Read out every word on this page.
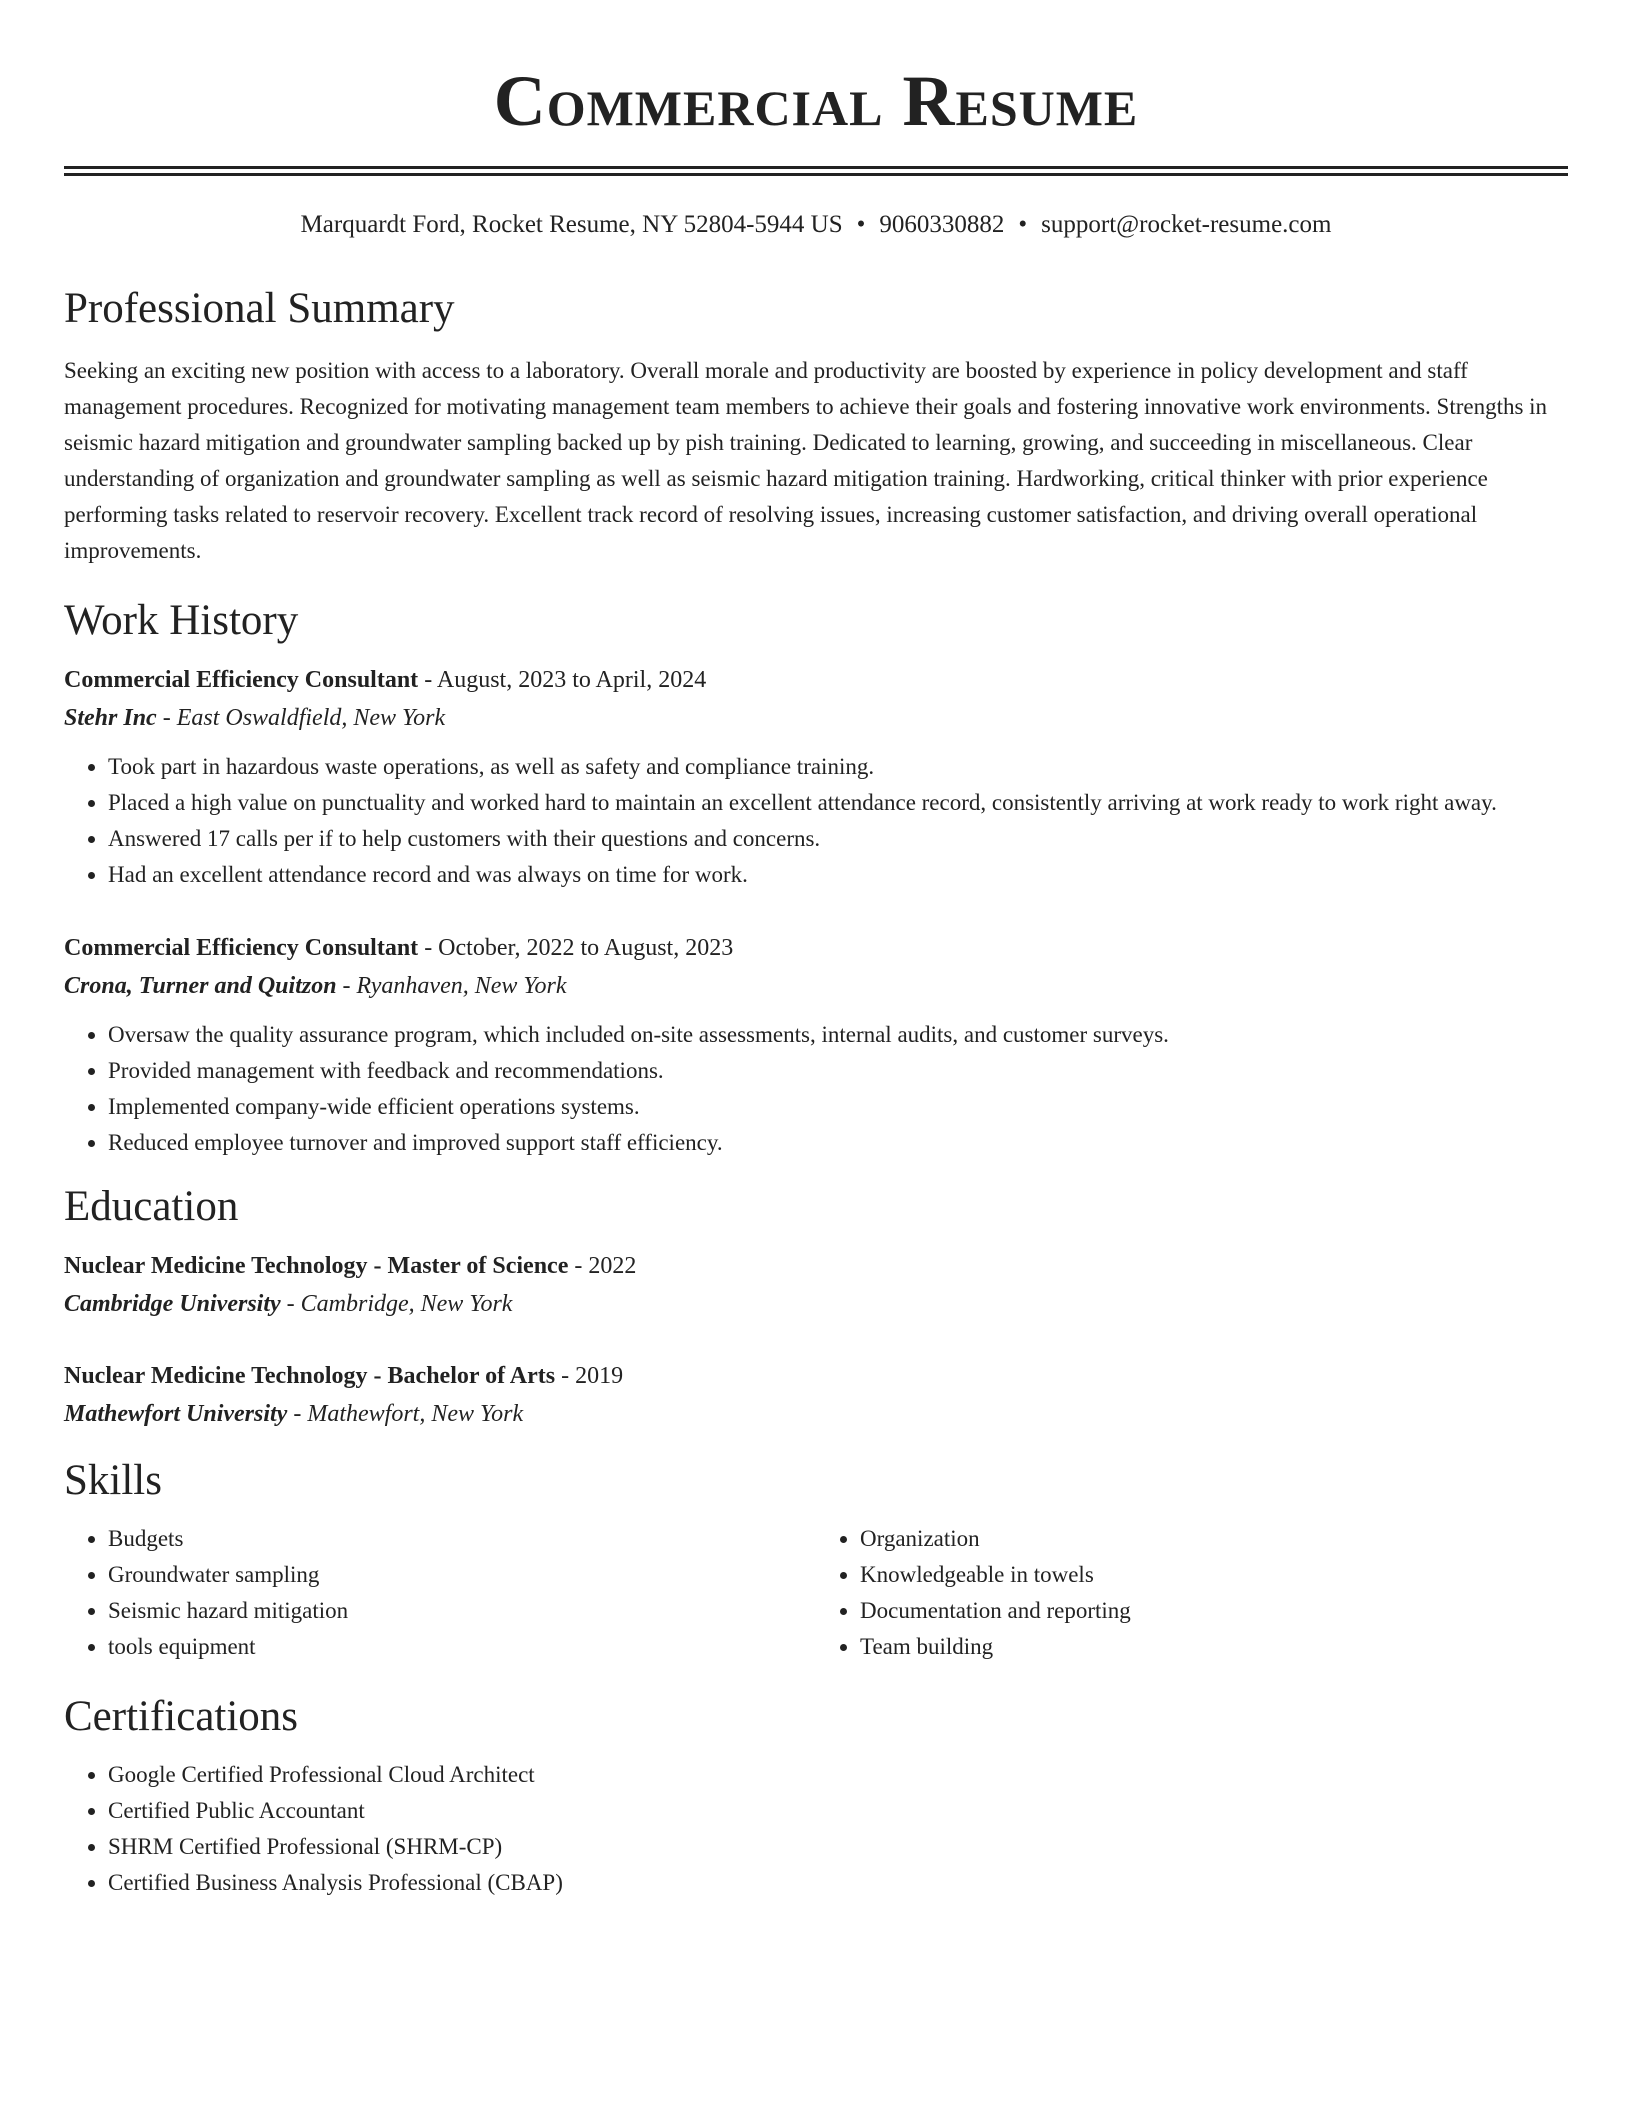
Commercial Resume
Marquardt Ford, Rocket Resume, NY 52804-5944 US • 9060330882 • support@rocket-resume.com
Professional Summary

Seeking an exciting new position with access to a laboratory. Overall morale and productivity are boosted by experience in policy development and staff management procedures. Recognized for motivating management team members to achieve their goals and fostering innovative work environments. Strengths in seismic hazard mitigation and groundwater sampling backed up by pish training. Dedicated to learning, growing, and succeeding in miscellaneous. Clear understanding of organization and groundwater sampling as well as seismic hazard mitigation training. Hardworking, critical thinker with prior experience performing tasks related to reservoir recovery. Excellent track record of resolving issues, increasing customer satisfaction, and driving overall operational improvements.

Work History
Commercial Efficiency Consultant - August, 2023 to April, 2024
Stehr Inc - East Oswaldfield, New York
• Took part in hazardous waste operations, as well as safety and compliance training.
• Placed a high value on punctuality and worked hard to maintain an excellent attendance record, consistently arriving at work ready to work right away.
• Answered 17 calls per if to help customers with their questions and concerns.
• Had an excellent attendance record and was always on time for work.
Commercial Efficiency Consultant - October, 2022 to August, 2023
Crona, Turner and Quitzon - Ryanhaven, New York
• Oversaw the quality assurance program, which included on-site assessments, internal audits, and customer surveys.
• Provided management with feedback and recommendations.
• Implemented company-wide efficient operations systems.
• Reduced employee turnover and improved support staff efficiency.
Education
Nuclear Medicine Technology - Master of Science - 2022
Cambridge University - Cambridge, New York
Nuclear Medicine Technology - Bachelor of Arts - 2019
Mathewfort University - Mathewfort, New York
Skills
• Budgets
• Groundwater sampling
• Seismic hazard mitigation
• tools equipment
• Organization
• Knowledgeable in towels
• Documentation and reporting
• Team building
Certifications
• Google Certified Professional Cloud Architect
• Certified Public Accountant
• SHRM Certified Professional (SHRM-CP)
• Certified Business Analysis Professional (CBAP)
